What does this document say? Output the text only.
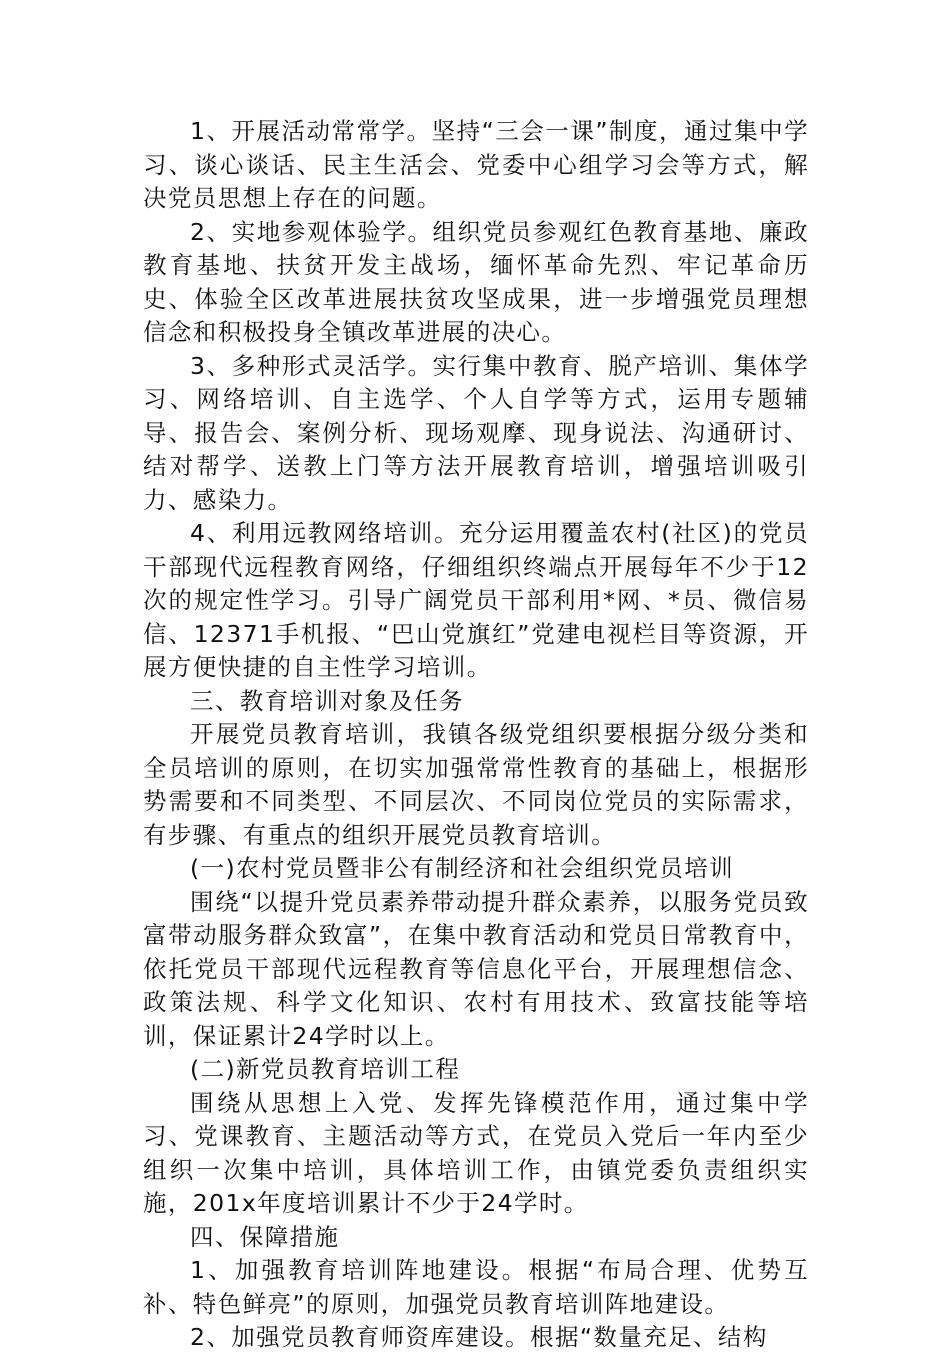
1、开展活动常常学。坚持“三会一课”制度，通过集中学习、谈心谈话、民主生活会、党委中心组学习会等方式，解决党员思想上存在的问题。

2、实地参观体验学。组织党员参观红色教育基地、廉政教育基地、扶贫开发主战场，缅怀革命先烈、牢记革命历史、体验全区改革进展扶贫攻坚成果，进一步增强党员理想信念和积极投身全镇改革进展的决心。

3、多种形式灵活学。实行集中教育、脱产培训、集体学习、网络培训、自主选学、个人自学等方式，运用专题辅导、报告会、案例分析、现场观摩、现身说法、沟通研讨、结对帮学、送教上门等方法开展教育培训，增强培训吸引力、感染力。

4、利用远教网络培训。充分运用覆盖农村(社区)的党员干部现代远程教育网络，仔细组织终端点开展每年不少于12次的规定性学习。引导广阔党员干部利用*网、*员、微信易信、12371手机报、“巴山党旗红”党建电视栏目等资源，开展方便快捷的自主性学习培训。

三、教育培训对象及任务

开展党员教育培训，我镇各级党组织要根据分级分类和全员培训的原则，在切实加强常常性教育的基础上，根据形势需要和不同类型、不同层次、不同岗位党员的实际需求，有步骤、有重点的组织开展党员教育培训。

(一)农村党员暨非公有制经济和社会组织党员培训

围绕“以提升党员素养带动提升群众素养，以服务党员致富带动服务群众致富”，在集中教育活动和党员日常教育中，依托党员干部现代远程教育等信息化平台，开展理想信念、政策法规、科学文化知识、农村有用技术、致富技能等培训，保证累计24学时以上。

(二)新党员教育培训工程

围绕从思想上入党、发挥先锋模范作用，通过集中学习、党课教育、主题活动等方式，在党员入党后一年内至少组织一次集中培训，具体培训工作，由镇党委负责组织实施，201x年度培训累计不少于24学时。

四、保障措施

1、加强教育培训阵地建设。根据“布局合理、优势互补、特色鲜亮”的原则，加强党员教育培训阵地建设。

2、加强党员教育师资库建设。根据“数量充足、结构
